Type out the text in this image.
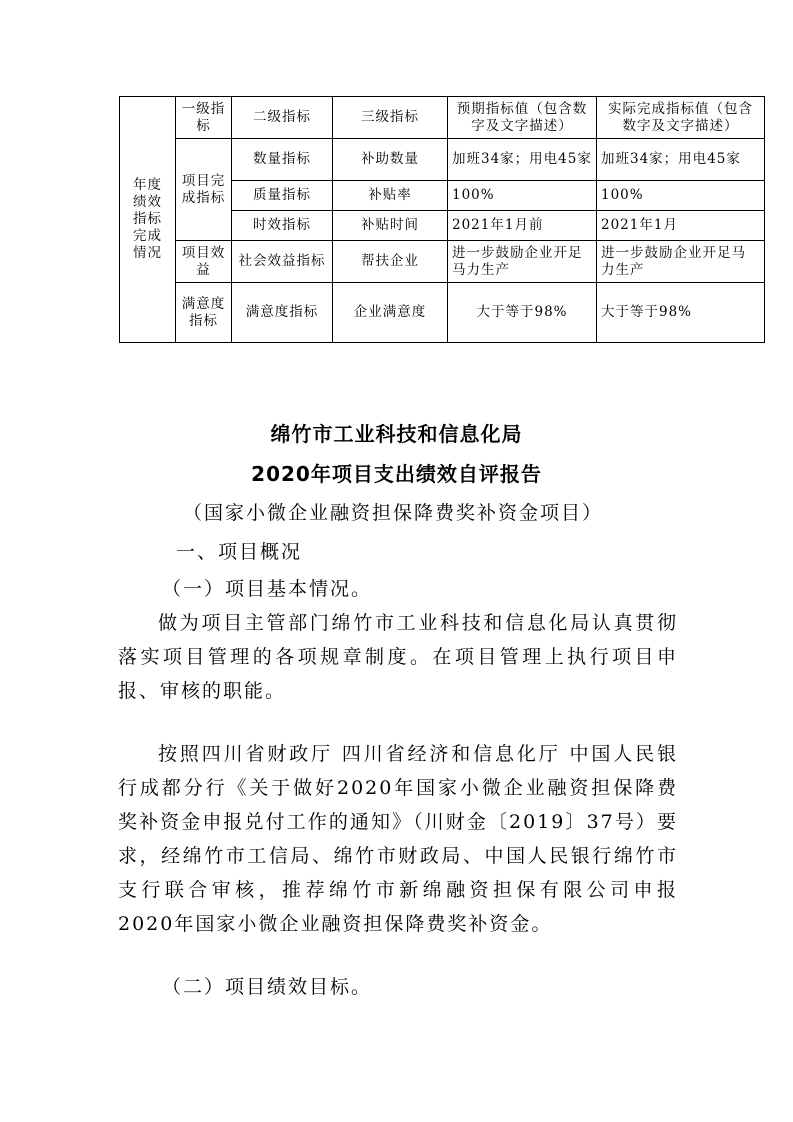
年度绩效指标完成情况	一级指标	二级指标	三级指标	预期指标值（包含数字及文字描述）	实际完成指标值（包含数字及文字描述）
	项目完成指标	数量指标	补助数量	加班34家；用电45家	加班34家；用电45家
		质量指标	补贴率	100%	100%
		时效指标	补贴时间	2021年1月前	2021年1月
	项目效益	社会效益指标	帮扶企业	进一步鼓励企业开足马力生产	进一步鼓励企业开足马力生产
	满意度指标	满意度指标	企业满意度	大于等于98%	大于等于98%
绵竹市工业科技和信息化局
2020年项目支出绩效自评报告
（国家小微企业融资担保降费奖补资金项目）
一、项目概况
（一）项目基本情况。
做为项目主管部门绵竹市工业科技和信息化局认真贯彻落实项目管理的各项规章制度。在项目管理上执行项目申报、审核的职能。
按照四川省财政厅 四川省经济和信息化厅 中国人民银行成都分行《关于做好2020年国家小微企业融资担保降费奖补资金申报兑付工作的通知》（川财金〔2019〕37号）要求，经绵竹市工信局、绵竹市财政局、中国人民银行绵竹市支行联合审核，推荐绵竹市新绵融资担保有限公司申报2020年国家小微企业融资担保降费奖补资金。
（二）项目绩效目标。
